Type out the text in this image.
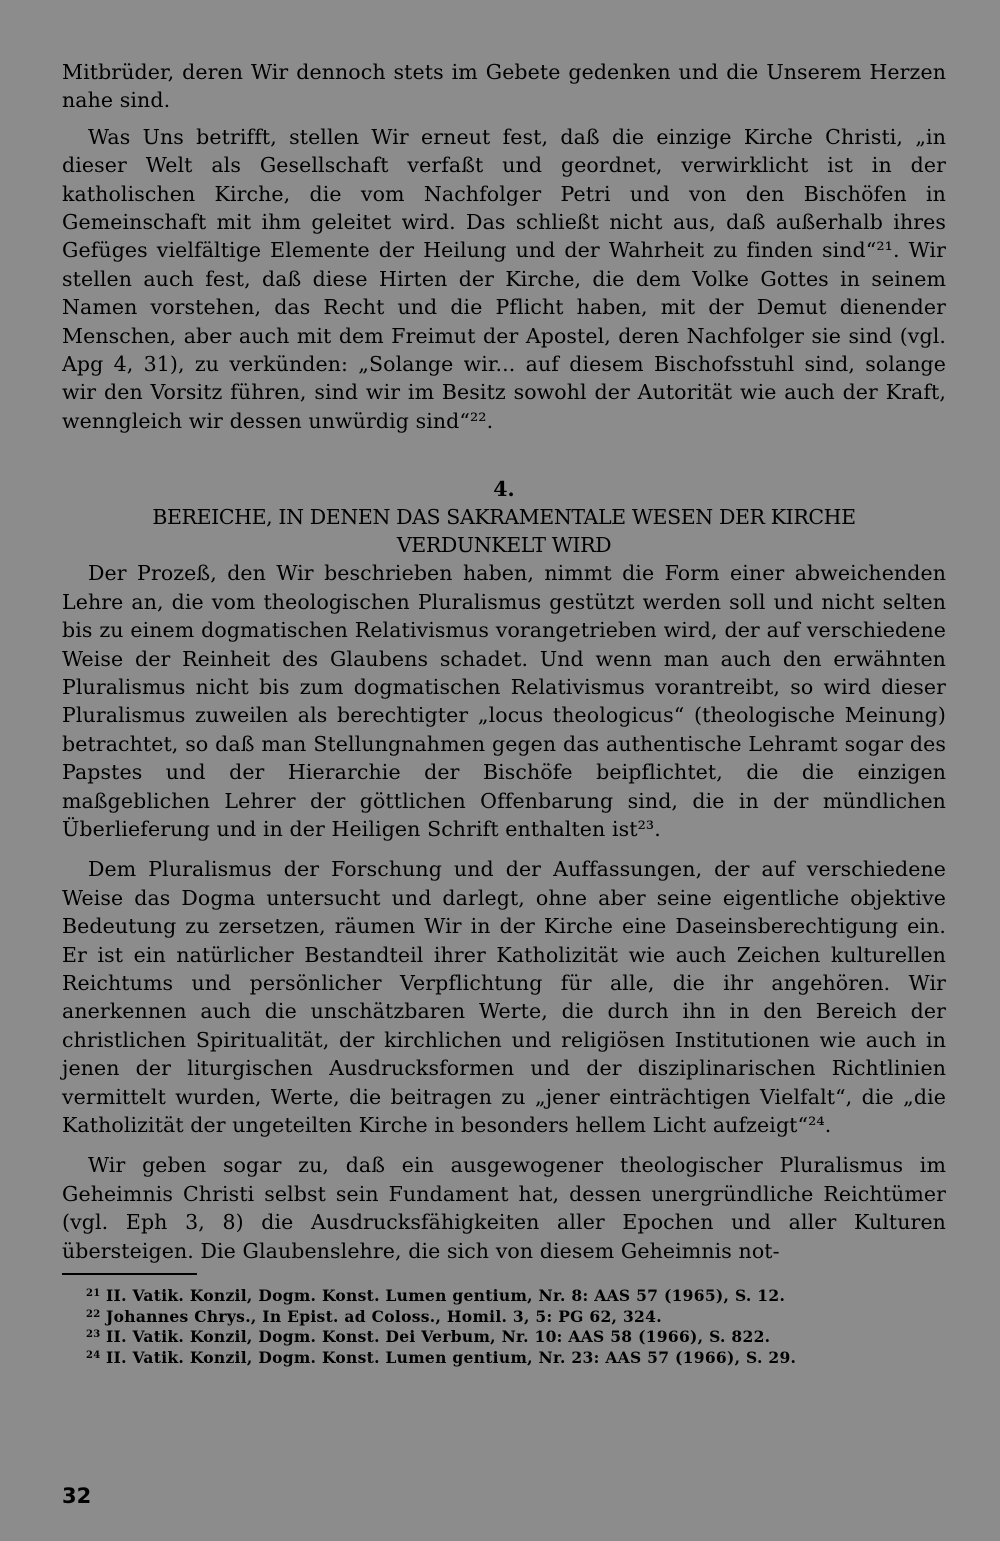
Mitbrüder, deren Wir dennoch stets im Gebete gedenken und die Unserem Herzen nahe sind.

Was Uns betrifft, stellen Wir erneut fest, daß die einzige Kirche Christi, „in dieser Welt als Gesellschaft verfaßt und geordnet, verwirklicht ist in der katholischen Kirche, die vom Nachfolger Petri und von den Bischöfen in Gemeinschaft mit ihm geleitet wird. Das schließt nicht aus, daß außerhalb ihres Gefüges vielfältige Elemente der Heilung und der Wahrheit zu finden sind“²¹. Wir stellen auch fest, daß diese Hirten der Kirche, die dem Volke Gottes in seinem Namen vorstehen, das Recht und die Pflicht haben, mit der Demut dienender Menschen, aber auch mit dem Freimut der Apostel, deren Nachfolger sie sind (vgl. Apg 4, 31), zu verkünden: „Solange wir... auf diesem Bischofsstuhl sind, solange wir den Vorsitz führen, sind wir im Besitz sowohl der Autorität wie auch der Kraft, wenngleich wir dessen unwürdig sind“²².

4.
BEREICHE, IN DENEN DAS SAKRAMENTALE WESEN DER KIRCHE
VERDUNKELT WIRD

Der Prozeß, den Wir beschrieben haben, nimmt die Form einer abweichenden Lehre an, die vom theologischen Pluralismus gestützt werden soll und nicht selten bis zu einem dogmatischen Relativismus vorangetrieben wird, der auf verschiedene Weise der Reinheit des Glaubens schadet. Und wenn man auch den erwähnten Pluralismus nicht bis zum dogmatischen Relativismus vorantreibt, so wird dieser Pluralismus zuweilen als berechtigter „locus theologicus“ (theologische Meinung) betrachtet, so daß man Stellungnahmen gegen das authentische Lehramt sogar des Papstes und der Hierarchie der Bischöfe beipflichtet, die die einzigen maßgeblichen Lehrer der göttlichen Offenbarung sind, die in der mündlichen Überlieferung und in der Heiligen Schrift enthalten ist²³.

Dem Pluralismus der Forschung und der Auffassungen, der auf verschiedene Weise das Dogma untersucht und darlegt, ohne aber seine eigentliche objektive Bedeutung zu zersetzen, räumen Wir in der Kirche eine Daseinsberechtigung ein. Er ist ein natürlicher Bestandteil ihrer Katholizität wie auch Zeichen kulturellen Reichtums und persönlicher Verpflichtung für alle, die ihr angehören. Wir anerkennen auch die unschätzbaren Werte, die durch ihn in den Bereich der christlichen Spiritualität, der kirchlichen und religiösen Institutionen wie auch in jenen der liturgischen Ausdrucksformen und der disziplinarischen Richtlinien vermittelt wurden, Werte, die beitragen zu „jener einträchtigen Vielfalt“, die „die Katholizität der ungeteilten Kirche in besonders hellem Licht aufzeigt“²⁴.

Wir geben sogar zu, daß ein ausgewogener theologischer Pluralismus im Geheimnis Christi selbst sein Fundament hat, dessen unergründliche Reichtümer (vgl. Eph 3, 8) die Ausdrucksfähigkeiten aller Epochen und aller Kulturen übersteigen. Die Glaubenslehre, die sich von diesem Geheimnis not-

21 II. Vatik. Konzil, Dogm. Konst. Lumen gentium, Nr. 8: AAS 57 (1965), S. 12.
22 Johannes Chrys., In Epist. ad Coloss., Homil. 3, 5: PG 62, 324.
23 II. Vatik. Konzil, Dogm. Konst. Dei Verbum, Nr. 10: AAS 58 (1966), S. 822.
24 II. Vatik. Konzil, Dogm. Konst. Lumen gentium, Nr. 23: AAS 57 (1966), S. 29.
32
